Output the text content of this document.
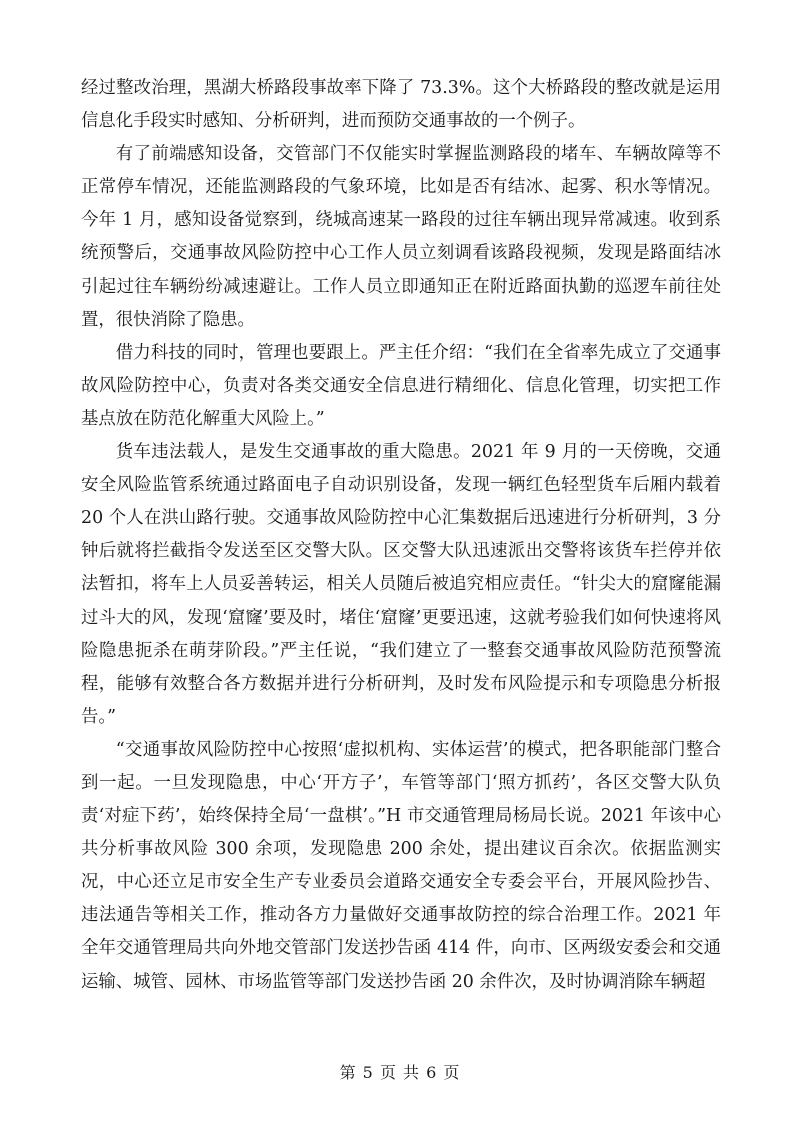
经过整改治理，黑湖大桥路段事故率下降了 73.3%。这个大桥路段的整改就是运用信息化手段实时感知、分析研判，进而预防交通事故的一个例子。

有了前端感知设备，交管部门不仅能实时掌握监测路段的堵车、车辆故障等不正常停车情况，还能监测路段的气象环境，比如是否有结冰、起雾、积水等情况。今年 1 月，感知设备觉察到，绕城高速某一路段的过往车辆出现异常减速。收到系统预警后，交通事故风险防控中心工作人员立刻调看该路段视频，发现是路面结冰引起过往车辆纷纷减速避让。工作人员立即通知正在附近路面执勤的巡逻车前往处置，很快消除了隐患。

借力科技的同时，管理也要跟上。严主任介绍：“我们在全省率先成立了交通事故风险防控中心，负责对各类交通安全信息进行精细化、信息化管理，切实把工作基点放在防范化解重大风险上。”

货车违法载人，是发生交通事故的重大隐患。2021 年 9 月的一天傍晚，交通安全风险监管系统通过路面电子自动识别设备，发现一辆红色轻型货车后厢内载着 20 个人在洪山路行驶。交通事故风险防控中心汇集数据后迅速进行分析研判，3 分钟后就将拦截指令发送至区交警大队。区交警大队迅速派出交警将该货车拦停并依法暂扣，将车上人员妥善转运，相关人员随后被追究相应责任。“针尖大的窟窿能漏过斗大的风，发现‘窟窿’要及时，堵住‘窟窿’更要迅速，这就考验我们如何快速将风险隐患扼杀在萌芽阶段。”严主任说，“我们建立了一整套交通事故风险防范预警流程，能够有效整合各方数据并进行分析研判，及时发布风险提示和专项隐患分析报告。”

“交通事故风险防控中心按照‘虚拟机构、实体运营’的模式，把各职能部门整合到一起。一旦发现隐患，中心‘开方子’，车管等部门‘照方抓药’，各区交警大队负责‘对症下药’，始终保持全局‘一盘棋’。”H 市交通管理局杨局长说。2021 年该中心共分析事故风险 300 余项，发现隐患 200 余处，提出建议百余次。依据监测实况，中心还立足市安全生产专业委员会道路交通安全专委会平台，开展风险抄告、违法通告等相关工作，推动各方力量做好交通事故防控的综合治理工作。2021 年全年交通管理局共向外地交管部门发送抄告函 414 件，向市、区两级安委会和交通运输、城管、园林、市场监管等部门发送抄告函 20 余件次，及时协调消除车辆超

第 5 页 共 6 页
